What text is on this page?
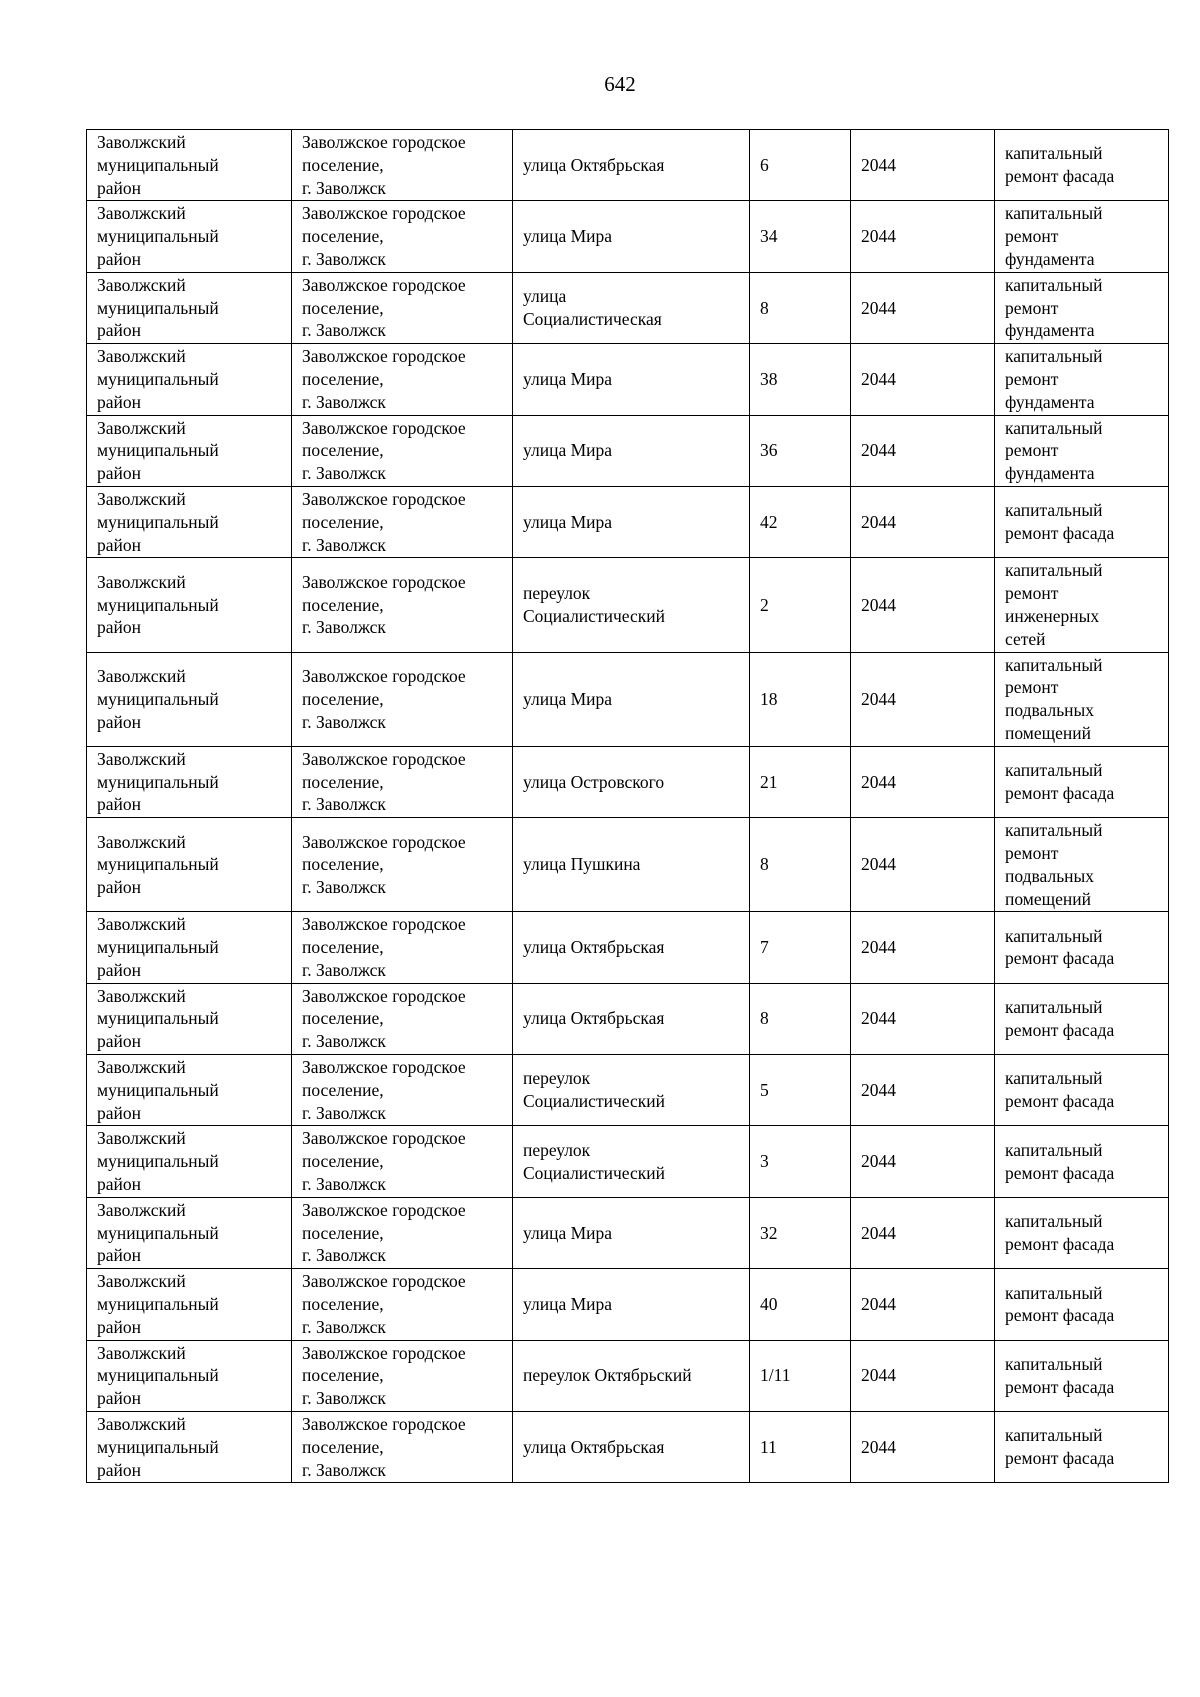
642
Заволжский
муниципальный
район	Заволжское городское
поселение,
г. Заволжск	улица Октябрьская	6	2044	капитальный
ремонт фасада

Заволжский
муниципальный
район	Заволжское городское
поселение,
г. Заволжск	улица Мира	34	2044	капитальный
ремонт
фундамента

Заволжский
муниципальный
район	Заволжское городское
поселение,
г. Заволжск	улица
Социалистическая	8	2044	капитальный
ремонт
фундамента

Заволжский
муниципальный
район	Заволжское городское
поселение,
г. Заволжск	улица Мира	38	2044	капитальный
ремонт
фундамента

Заволжский
муниципальный
район	Заволжское городское
поселение,
г. Заволжск	улица Мира	36	2044	капитальный
ремонт
фундамента

Заволжский
муниципальный
район	Заволжское городское
поселение,
г. Заволжск	улица Мира	42	2044	капитальный
ремонт фасада

Заволжский
муниципальный
район	Заволжское городское
поселение,
г. Заволжск	переулок
Социалистический	2	2044	капитальный
ремонт
инженерных
сетей

Заволжский
муниципальный
район	Заволжское городское
поселение,
г. Заволжск	улица Мира	18	2044	капитальный
ремонт
подвальных
помещений

Заволжский
муниципальный
район	Заволжское городское
поселение,
г. Заволжск	улица Островского	21	2044	капитальный
ремонт фасада

Заволжский
муниципальный
район	Заволжское городское
поселение,
г. Заволжск	улица Пушкина	8	2044	капитальный
ремонт
подвальных
помещений

Заволжский
муниципальный
район	Заволжское городское
поселение,
г. Заволжск	улица Октябрьская	7	2044	капитальный
ремонт фасада

Заволжский
муниципальный
район	Заволжское городское
поселение,
г. Заволжск	улица Октябрьская	8	2044	капитальный
ремонт фасада

Заволжский
муниципальный
район	Заволжское городское
поселение,
г. Заволжск	переулок
Социалистический	5	2044	капитальный
ремонт фасада

Заволжский
муниципальный
район	Заволжское городское
поселение,
г. Заволжск	переулок
Социалистический	3	2044	капитальный
ремонт фасада

Заволжский
муниципальный
район	Заволжское городское
поселение,
г. Заволжск	улица Мира	32	2044	капитальный
ремонт фасада

Заволжский
муниципальный
район	Заволжское городское
поселение,
г. Заволжск	улица Мира	40	2044	капитальный
ремонт фасада

Заволжский
муниципальный
район	Заволжское городское
поселение,
г. Заволжск	переулок Октябрьский	1/11	2044	капитальный
ремонт фасада

Заволжский
муниципальный
район	Заволжское городское
поселение,
г. Заволжск	улица Октябрьская	11	2044	капитальный
ремонт фасада
